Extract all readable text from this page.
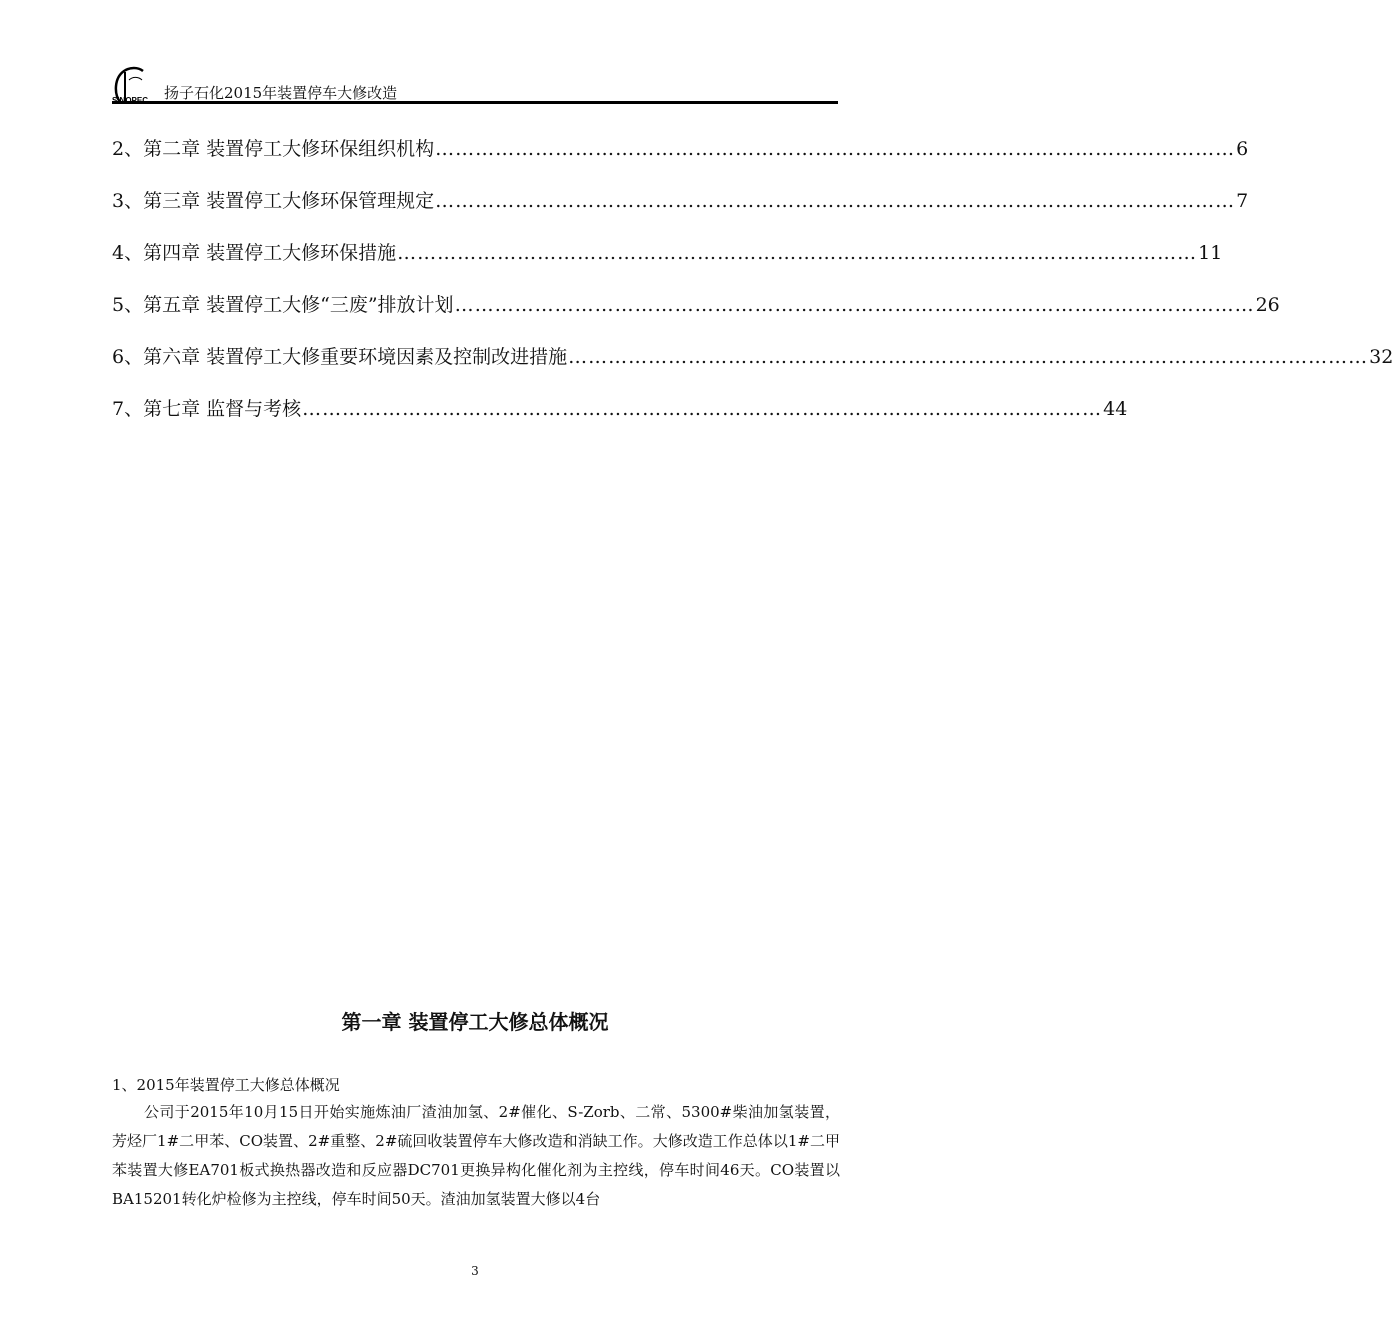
SINOPEC 扬子石化2015年装置停车大修改造
2、 第二章 装置停工大修环保组织机构 ………………………………………………………………………………………………………… 6
3、 第三章 装置停工大修环保管理规定 ………………………………………………………………………………………………………… 7
4、 第四章 装置停工大修环保措施 ………………………………………………………………………………………………………… 11
5、 第五章 装置停工大修“三废”排放计划 ………………………………………………………………………………………………………… 26
6、 第六章 装置停工大修重要环境因素及控制改进措施 ………………………………………………………………………………………………………… 32
7、 第七章 监督与考核 ………………………………………………………………………………………………………… 44
第一章 装置停工大修总体概况
1、2015年装置停工大修总体概况
公司于2015年10月15日开始实施炼油厂渣油加氢、2#催化、S-Zorb、二常、5300#柴油加氢装置，芳烃厂1#二甲苯、CO装置、2#重整、2#硫回收装置停车大修改造和消缺工作。大修改造工作总体以1#二甲苯装置大修EA701板式换热器改造和反应器DC701更换异构化催化剂为主控线，停车时间46天。CO装置以BA15201转化炉检修为主控线，停车时间50天。渣油加氢装置大修以4台
3
